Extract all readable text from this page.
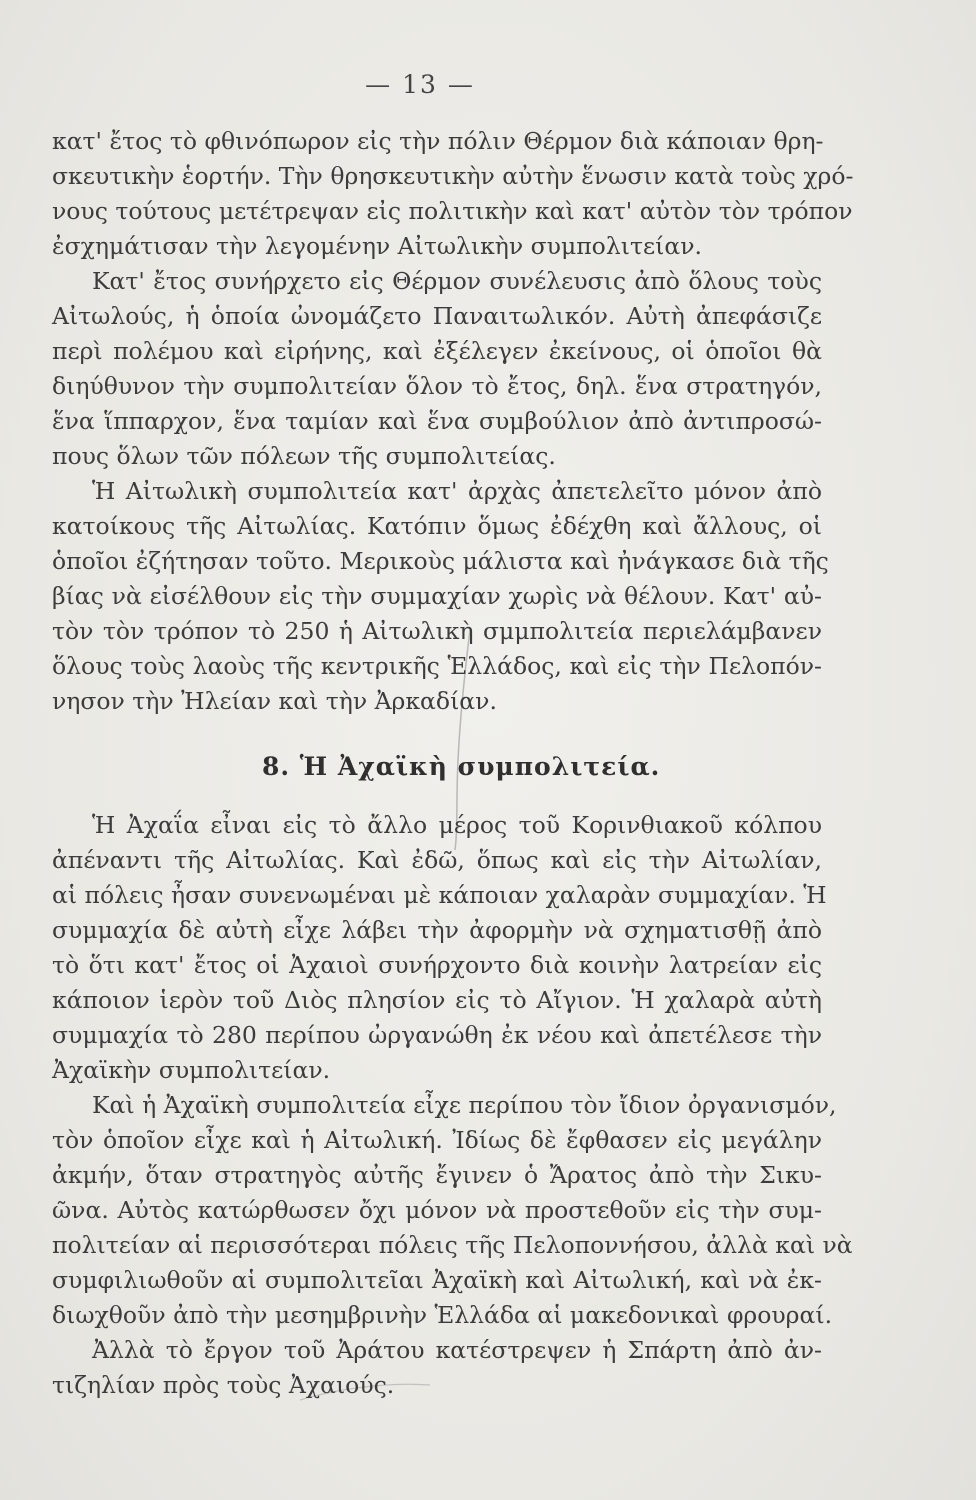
— 13 —
κατ' ἔτος τὸ φθινόπωρον εἰς τὴν πόλιν Θέρμον διὰ κάποιαν θρη-
σκευτικὴν ἑορτήν. Τὴν θρησκευτικὴν αὐτὴν ἕνωσιν κατὰ τοὺς χρό-
νους τούτους μετέτρεψαν εἰς πολιτικὴν καὶ κατ' αὐτὸν τὸν τρόπον
ἐσχημάτισαν τὴν λεγομένην Αἰτωλικὴν συμπολιτείαν.
Κατ' ἔτος συνήρχετο εἰς Θέρμον συνέλευσις ἀπὸ ὅλους τοὺς
Αἰτωλούς, ἡ ὁποία ὠνομάζετο Παναιτωλικόν. Αὐτὴ ἀπεφάσιζε
περὶ πολέμου καὶ εἰρήνης, καὶ ἐξέλεγεν ἐκείνους, οἱ ὁποῖοι θὰ
διηύθυνον τὴν συμπολιτείαν ὅλον τὸ ἔτος, δηλ. ἕνα στρατηγόν,
ἕνα ἵππαρχον, ἕνα ταμίαν καὶ ἕνα συμβούλιον ἀπὸ ἀντιπροσώ-
πους ὅλων τῶν πόλεων τῆς συμπολιτείας.
Ἡ Αἰτωλικὴ συμπολιτεία κατ' ἀρχὰς ἀπετελεῖτο μόνον ἀπὸ
κατοίκους τῆς Αἰτωλίας. Κατόπιν ὅμως ἐδέχθη καὶ ἄλλους, οἱ
ὁποῖοι ἐζήτησαν τοῦτο. Μερικοὺς μάλιστα καὶ ἠνάγκασε διὰ τῆς
βίας νὰ εἰσέλθουν εἰς τὴν συμμαχίαν χωρὶς νὰ θέλουν. Κατ' αὐ-
τὸν τὸν τρόπον τὸ 250 ἡ Αἰτωλικὴ σμμπολιτεία περιελάμβανεν
ὅλους τοὺς λαοὺς τῆς κεντρικῆς Ἑλλάδος, καὶ εἰς τὴν Πελοπόν-
νησον τὴν Ἠλείαν καὶ τὴν Ἀρκαδίαν.
8. Ἡ Ἀχαϊκὴ συμπολιτεία.
Ἡ Ἀχαΐα εἶναι εἰς τὸ ἄλλο μέρος τοῦ Κορινθιακοῦ κόλπου
ἀπέναντι τῆς Αἰτωλίας. Καὶ ἐδῶ, ὅπως καὶ εἰς τὴν Αἰτωλίαν,
αἱ πόλεις ἦσαν συνενωμέναι μὲ κάποιαν χαλαρὰν συμμαχίαν. Ἡ
συμμαχία δὲ αὐτὴ εἶχε λάβει τὴν ἀφορμὴν νὰ σχηματισθῇ ἀπὸ
τὸ ὅτι κατ' ἔτος οἱ Ἀχαιοὶ συνήρχοντο διὰ κοινὴν λατρείαν εἰς
κάποιον ἱερὸν τοῦ Διὸς πλησίον εἰς τὸ Αἴγιον. Ἡ χαλαρὰ αὐτὴ
συμμαχία τὸ 280 περίπου ὠργανώθη ἐκ νέου καὶ ἀπετέλεσε τὴν
Ἀχαϊκὴν συμπολιτείαν.
Καὶ ἡ Ἀχαϊκὴ συμπολιτεία εἶχε περίπου τὸν ἴδιον ὀργανισμόν,
τὸν ὁποῖον εἶχε καὶ ἡ Αἰτωλική. Ἰδίως δὲ ἔφθασεν εἰς μεγάλην
ἀκμήν, ὅταν στρατηγὸς αὐτῆς ἔγινεν ὁ Ἄρατος ἀπὸ τὴν Σικυ-
ῶνα. Αὐτὸς κατώρθωσεν ὄχι μόνον νὰ προστεθοῦν εἰς τὴν συμ-
πολιτείαν αἱ περισσότεραι πόλεις τῆς Πελοποννήσου, ἀλλὰ καὶ νὰ
συμφιλιωθοῦν αἱ συμπολιτεῖαι Ἀχαϊκὴ καὶ Αἰτωλική, καὶ νὰ ἐκ-
διωχθοῦν ἀπὸ τὴν μεσημβρινὴν Ἑλλάδα αἱ μακεδονικαὶ φρουραί.
Ἀλλὰ τὸ ἔργον τοῦ Ἀράτου κατέστρεψεν ἡ Σπάρτη ἀπὸ ἀν-
τιζηλίαν πρὸς τοὺς Ἀχαιούς.
